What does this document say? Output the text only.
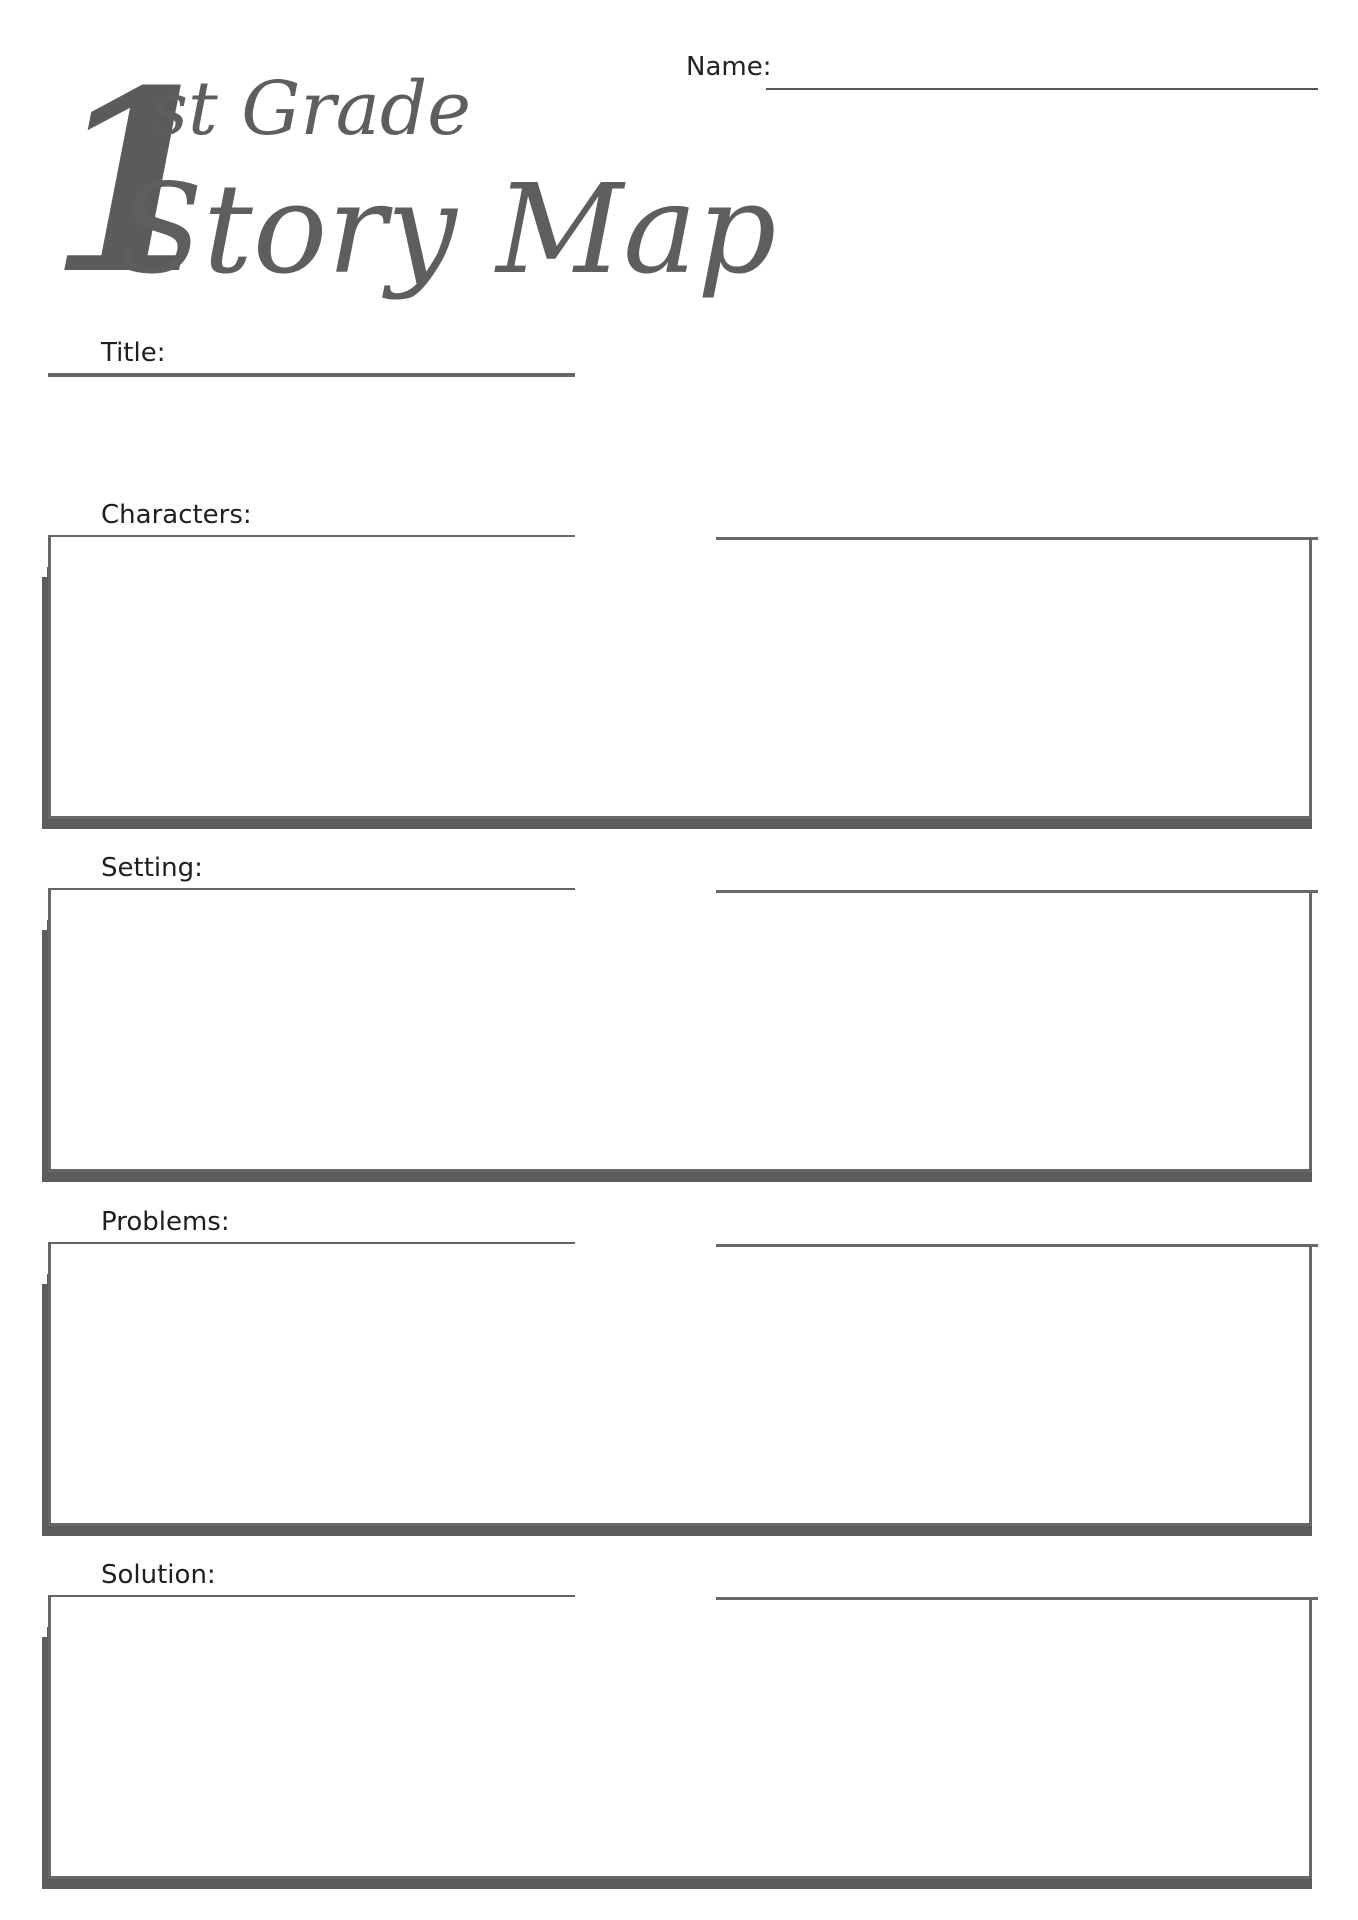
1
st Grade
Story Map
Name:
Title:
Characters:
Setting:
Problems:
Solution:
